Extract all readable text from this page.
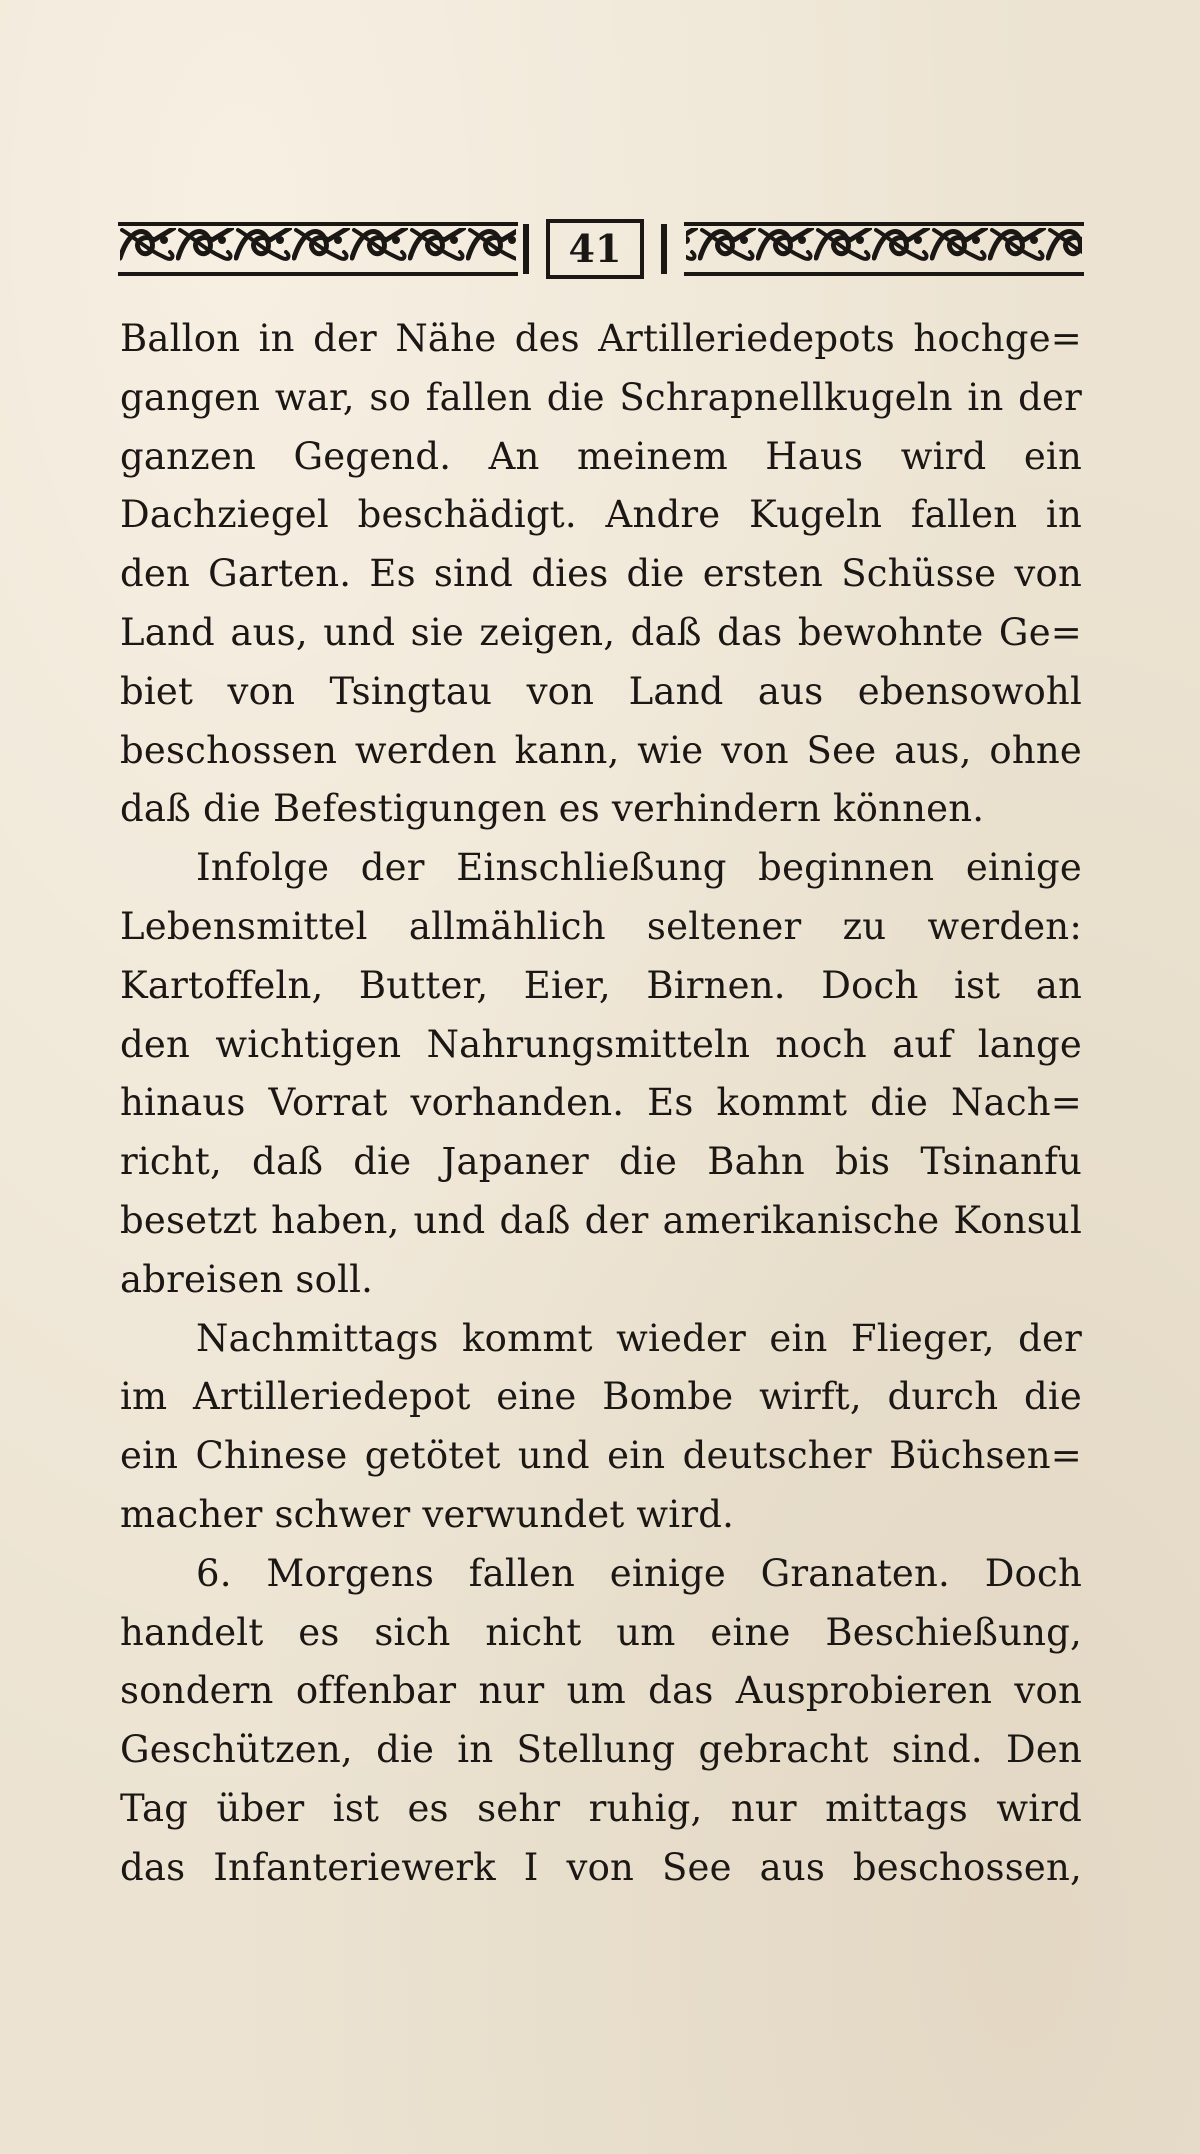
41
Ballon in der Nähe des Artilleriedepots hochge=
gangen war, so fallen die Schrapnellkugeln in der
ganzen Gegend. An meinem Haus wird ein
Dachziegel beschädigt. Andre Kugeln fallen in
den Garten. Es sind dies die ersten Schüsse von
Land aus, und sie zeigen, daß das bewohnte Ge=
biet von Tsingtau von Land aus ebensowohl
beschossen werden kann, wie von See aus, ohne
daß die Befestigungen es verhindern können.
Infolge der Einschließung beginnen einige
Lebensmittel allmählich seltener zu werden:
Kartoffeln, Butter, Eier, Birnen. Doch ist an
den wichtigen Nahrungsmitteln noch auf lange
hinaus Vorrat vorhanden. Es kommt die Nach=
richt, daß die Japaner die Bahn bis Tsinanfu
besetzt haben, und daß der amerikanische Konsul
abreisen soll.
Nachmittags kommt wieder ein Flieger, der
im Artilleriedepot eine Bombe wirft, durch die
ein Chinese getötet und ein deutscher Büchsen=
macher schwer verwundet wird.
6. Morgens fallen einige Granaten. Doch
handelt es sich nicht um eine Beschießung,
sondern offenbar nur um das Ausprobieren von
Geschützen, die in Stellung gebracht sind. Den
Tag über ist es sehr ruhig, nur mittags wird
das Infanteriewerk I von See aus beschossen,
